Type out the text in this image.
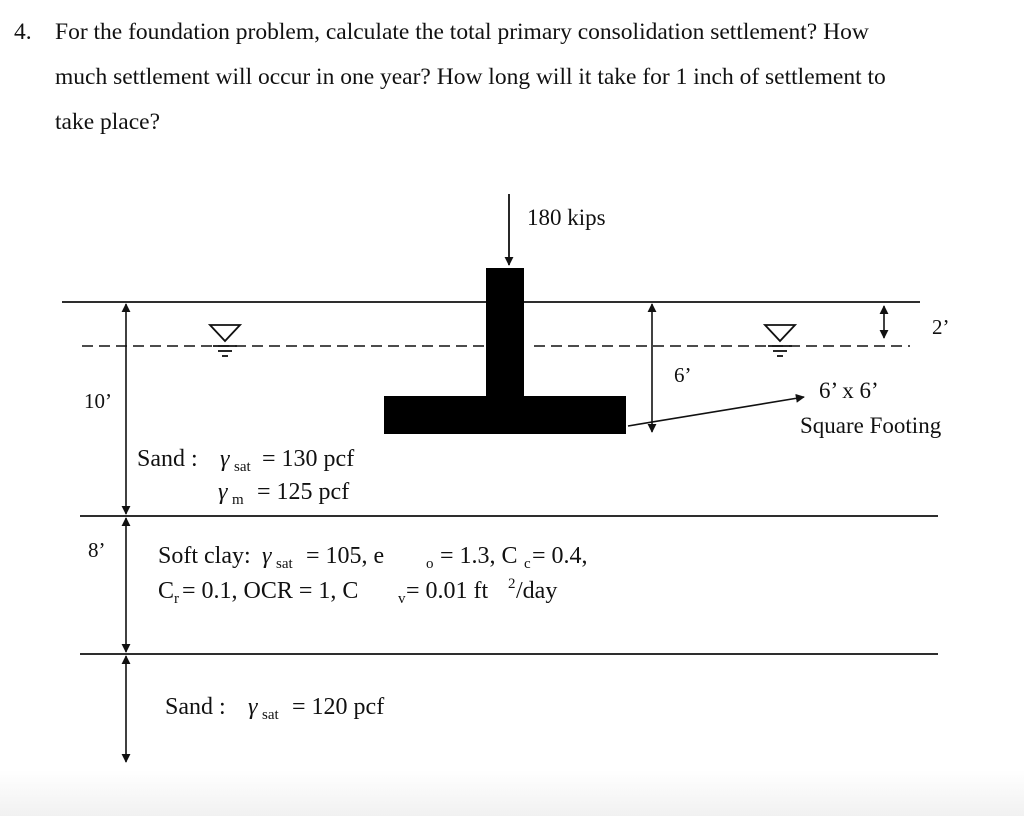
4. For the foundation problem, calculate the total primary consolidation settlement? How
much settlement will occur in one year? How long will it take for 1 inch of settlement to
take place?
180 kips
6’
2’
6’ x 6’
Square Footing
10’
8’
Sand : γ sat = 130 pcf
γ m = 125 pcf
Soft clay: γ sat = 105, e	o = 1.3, C c = 0.4,
C r = 0.1, OCR = 1, C	v = 0.01 ft 2 /day
Sand : γ sat = 120 pcf
